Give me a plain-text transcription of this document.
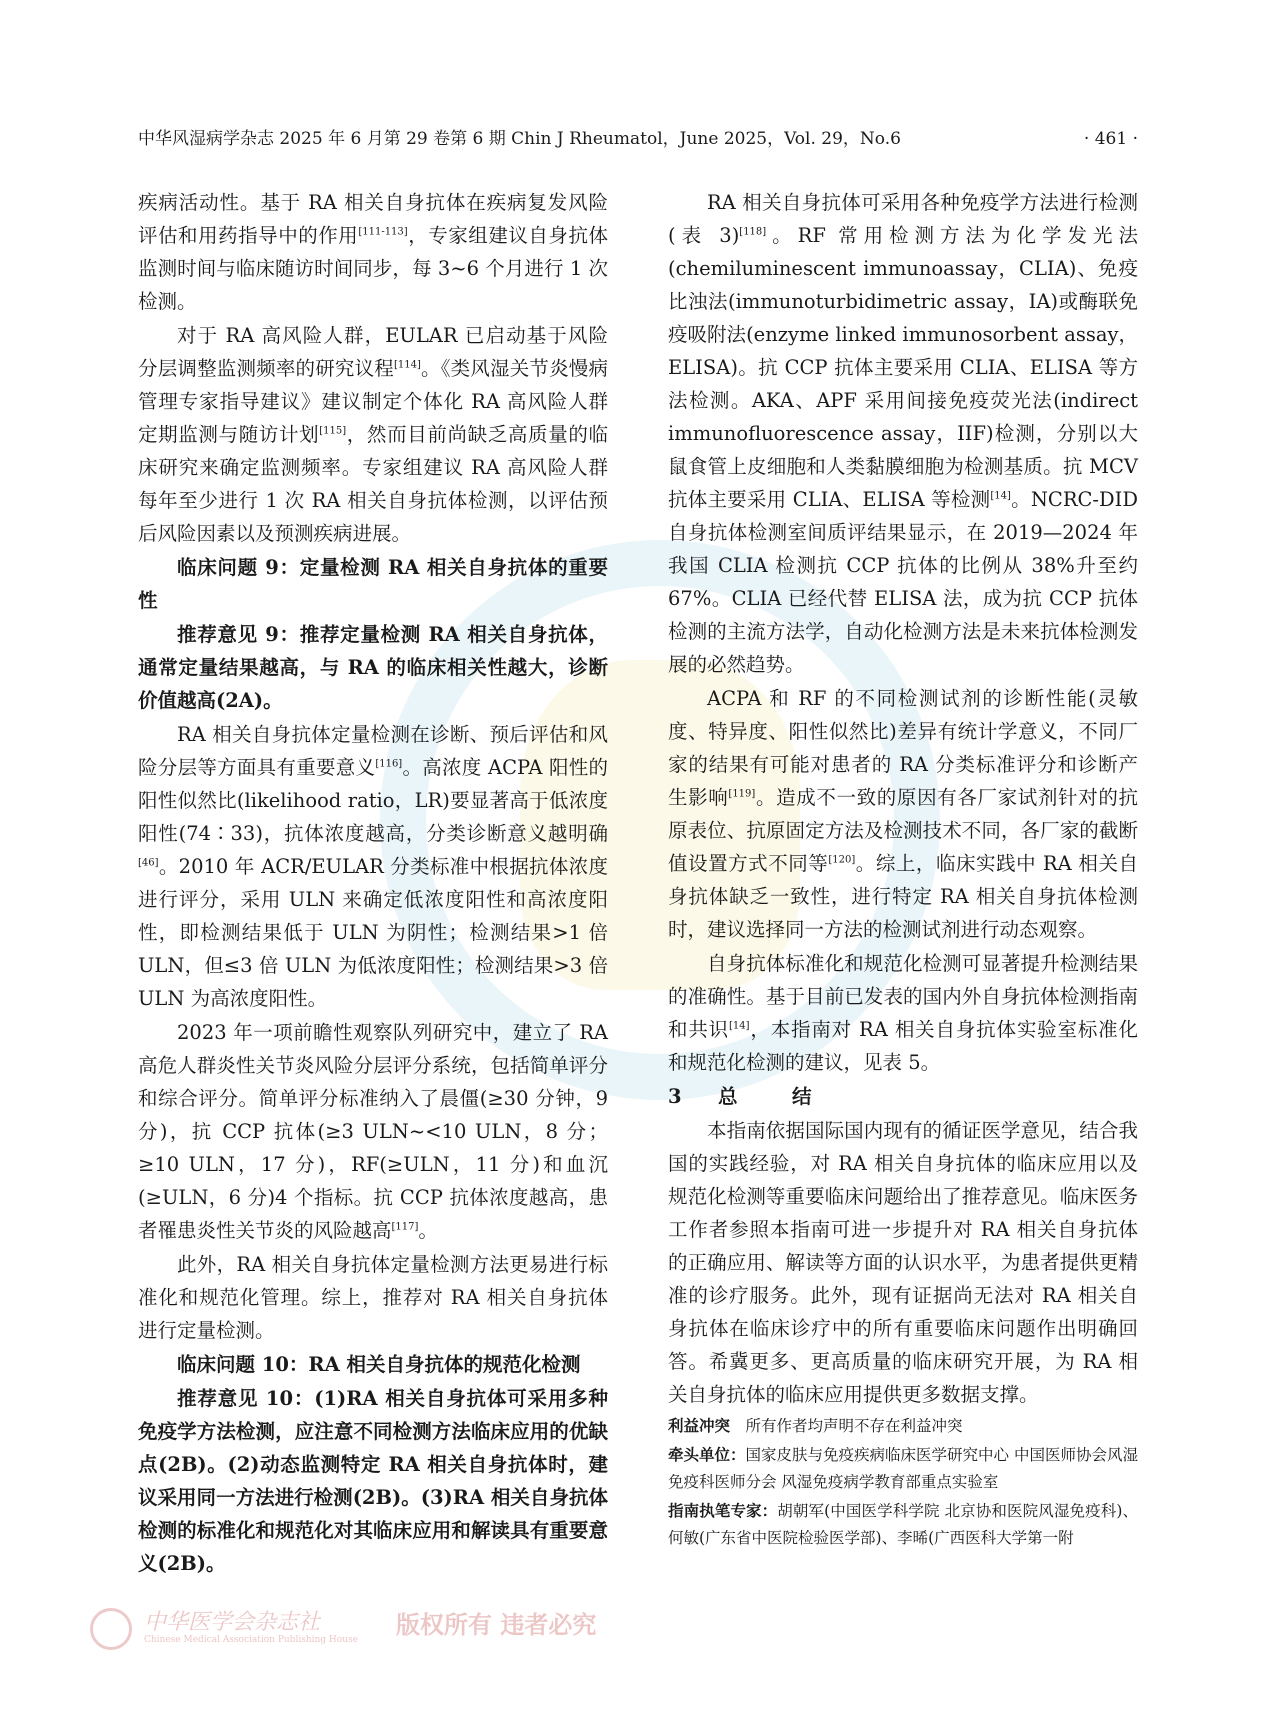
中华风湿病学杂志 2025 年 6 月第 29 卷第 6 期 Chin J Rheumatol，June 2025，Vol. 29，No.6	· 461 ·

疾病活动性。基于 RA 相关自身抗体在疾病复发风险评估和用药指导中的作用[111-113]，专家组建议自身抗体监测时间与临床随访时间同步，每 3~6 个月进行 1 次检测。

对于 RA 高风险人群，EULAR 已启动基于风险分层调整监测频率的研究议程[114]。《类风湿关节炎慢病管理专家指导建议》建议制定个体化 RA 高风险人群定期监测与随访计划[115]，然而目前尚缺乏高质量的临床研究来确定监测频率。专家组建议 RA 高风险人群每年至少进行 1 次 RA 相关自身抗体检测，以评估预后风险因素以及预测疾病进展。

临床问题 9：定量检测 RA 相关自身抗体的重要性

推荐意见 9：推荐定量检测 RA 相关自身抗体，通常定量结果越高，与 RA 的临床相关性越大，诊断价值越高(2A)。

RA 相关自身抗体定量检测在诊断、预后评估和风险分层等方面具有重要意义[116]。高浓度 ACPA 阳性的阳性似然比(likelihood ratio，LR)要显著高于低浓度阳性(74∶33)，抗体浓度越高，分类诊断意义越明确[46]。2010 年 ACR/EULAR 分类标准中根据抗体浓度进行评分，采用 ULN 来确定低浓度阳性和高浓度阳性，即检测结果低于 ULN 为阴性；检测结果>1 倍 ULN，但≤3 倍 ULN 为低浓度阳性；检测结果>3 倍 ULN 为高浓度阳性。

2023 年一项前瞻性观察队列研究中，建立了 RA 高危人群炎性关节炎风险分层评分系统，包括简单评分和综合评分。简单评分标准纳入了晨僵(≥30 分钟，9 分)，抗 CCP 抗体(≥3 ULN~<10 ULN，8 分；≥10 ULN，17 分)，RF(≥ULN，11 分)和血沉(≥ULN，6 分)4 个指标。抗 CCP 抗体浓度越高，患者罹患炎性关节炎的风险越高[117]。

此外，RA 相关自身抗体定量检测方法更易进行标准化和规范化管理。综上，推荐对 RA 相关自身抗体进行定量检测。

临床问题 10：RA 相关自身抗体的规范化检测

推荐意见 10：(1)RA 相关自身抗体可采用多种免疫学方法检测，应注意不同检测方法临床应用的优缺点(2B)。(2)动态监测特定 RA 相关自身抗体时，建议采用同一方法进行检测(2B)。(3)RA 相关自身抗体检测的标准化和规范化对其临床应用和解读具有重要意义(2B)。

RA 相关自身抗体可采用各种免疫学方法进行检测(表 3)[118]。RF 常用检测方法为化学发光法(chemiluminescent immunoassay，CLIA)、免疫比浊法(immunoturbidimetric assay，IA)或酶联免疫吸附法(enzyme linked immunosorbent assay，ELISA)。抗 CCP 抗体主要采用 CLIA、ELISA 等方法检测。AKA、APF 采用间接免疫荧光法(indirect immunofluorescence assay，IIF)检测，分别以大鼠食管上皮细胞和人类黏膜细胞为检测基质。抗 MCV 抗体主要采用 CLIA、ELISA 等检测[14]。NCRC-DID 自身抗体检测室间质评结果显示，在 2019—2024 年我国 CLIA 检测抗 CCP 抗体的比例从 38%升至约 67%。CLIA 已经代替 ELISA 法，成为抗 CCP 抗体检测的主流方法学，自动化检测方法是未来抗体检测发展的必然趋势。

ACPA 和 RF 的不同检测试剂的诊断性能(灵敏度、特异度、阳性似然比)差异有统计学意义，不同厂家的结果有可能对患者的 RA 分类标准评分和诊断产生影响[119]。造成不一致的原因有各厂家试剂针对的抗原表位、抗原固定方法及检测技术不同，各厂家的截断值设置方式不同等[120]。综上，临床实践中 RA 相关自身抗体缺乏一致性，进行特定 RA 相关自身抗体检测时，建议选择同一方法的检测试剂进行动态观察。

自身抗体标准化和规范化检测可显著提升检测结果的准确性。基于目前已发表的国内外自身抗体检测指南和共识[14]，本指南对 RA 相关自身抗体实验室标准化和规范化检测的建议，见表 5。

3 总	结

本指南依据国际国内现有的循证医学意见，结合我国的实践经验，对 RA 相关自身抗体的临床应用以及规范化检测等重要临床问题给出了推荐意见。临床医务工作者参照本指南可进一步提升对 RA 相关自身抗体的正确应用、解读等方面的认识水平，为患者提供更精准的诊疗服务。此外，现有证据尚无法对 RA 相关自身抗体在临床诊疗中的所有重要临床问题作出明确回答。希冀更多、更高质量的临床研究开展，为 RA 相关自身抗体的临床应用提供更多数据支撑。

利益冲突　 所有作者均声明不存在利益冲突

牵头单位：国家皮肤与免疫疾病临床医学研究中心 中国医师协会风湿免疫科医师分会 风湿免疫病学教育部重点实验室

指南执笔专家：胡朝军(中国医学科学院 北京协和医院风湿免疫科)、何敏(广东省中医院检验医学部)、李晞(广西医科大学第一附

中华医学会杂志社
Chinese Medical Association Publishing House
版权所有 违者必究
